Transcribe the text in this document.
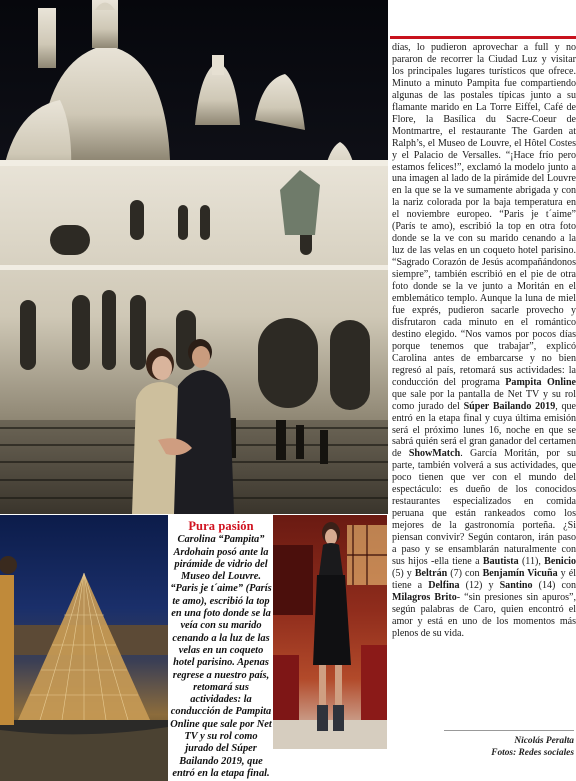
Pura pasión
Carolina “Pampita” Ardohain posó ante la pirámide de vidrio del Museo del Louvre. “Paris je t´aime” (París te amo), escribió la top en una foto donde se la veía con su marido cenando a la luz de las velas en un coqueto hotel parisino. Apenas regrese a nuestro país, retomará sus actividades: la conducción de Pampita Online que sale por Net TV y su rol como jurado del Súper Bailando 2019, que entró en la etapa final.
días, lo pudieron aprovechar a full y no pararon de recorrer la Ciudad Luz y visitar los principales lugares turísticos que ofrece. Minuto a minuto Pampita fue compartiendo algunas de las postales típicas junto a su flamante marido en La Torre Eiffel, Café de Flore, la Basílica du Sacre-Coeur de Montmartre, el restaurante The Garden at Ralph’s, el Museo de Louvre, el Hôtel Costes y el Palacio de Versalles. “¡Hace frío pero estamos felices!”, exclamó la modelo junto a una imagen al lado de la pirámide del Louvre en la que se la ve sumamente abrigada y con la nariz colorada por la baja temperatura en el noviembre europeo. “Paris je t´aime” (París te amo), escribió la top en otra foto donde se la ve con su marido cenando a la luz de las velas en un coqueto hotel parisino. “Sagrado Corazón de Jesús acompañándonos siempre”, también escribió en el pie de otra foto donde se la ve junto a Moritán en el emblemático templo. Aunque la luna de miel fue exprés, pudieron sacarle provecho y disfrutaron cada minuto en el romántico destino elegido. “Nos vamos por pocos días porque tenemos que trabajar”, explicó Carolina antes de embarcarse y no bien regresó al país, retomará sus actividades: la conducción del programa Pampita Online que sale por la pantalla de Net TV y su rol como jurado del Súper Bailando 2019, que entró en la etapa final y cuya última emisión será el próximo lunes 16, noche en que se sabrá quién será el gran ganador del certamen de ShowMatch. García Moritán, por su parte, también volverá a sus actividades, que poco tienen que ver con el mundo del espectáculo: es dueño de los conocidos restaurantes especializados en comida peruana que están rankeados como los mejores de la gastronomía porteña. ¿Si piensan convivir? Según contaron, irán paso a paso y se ensamblarán naturalmente con sus hijos -ella tiene a Bautista (11), Benicio (5) y Beltrán (7) con Benjamín Vicuña y él tiene a Delfina (12) y Santino (14) con Milagros Brito- “sin presiones sin apuros”, según palabras de Caro, quien encontró el amor y está en uno de los momentos más plenos de su vida.
Nicolás Peralta
Fotos: Redes sociales
